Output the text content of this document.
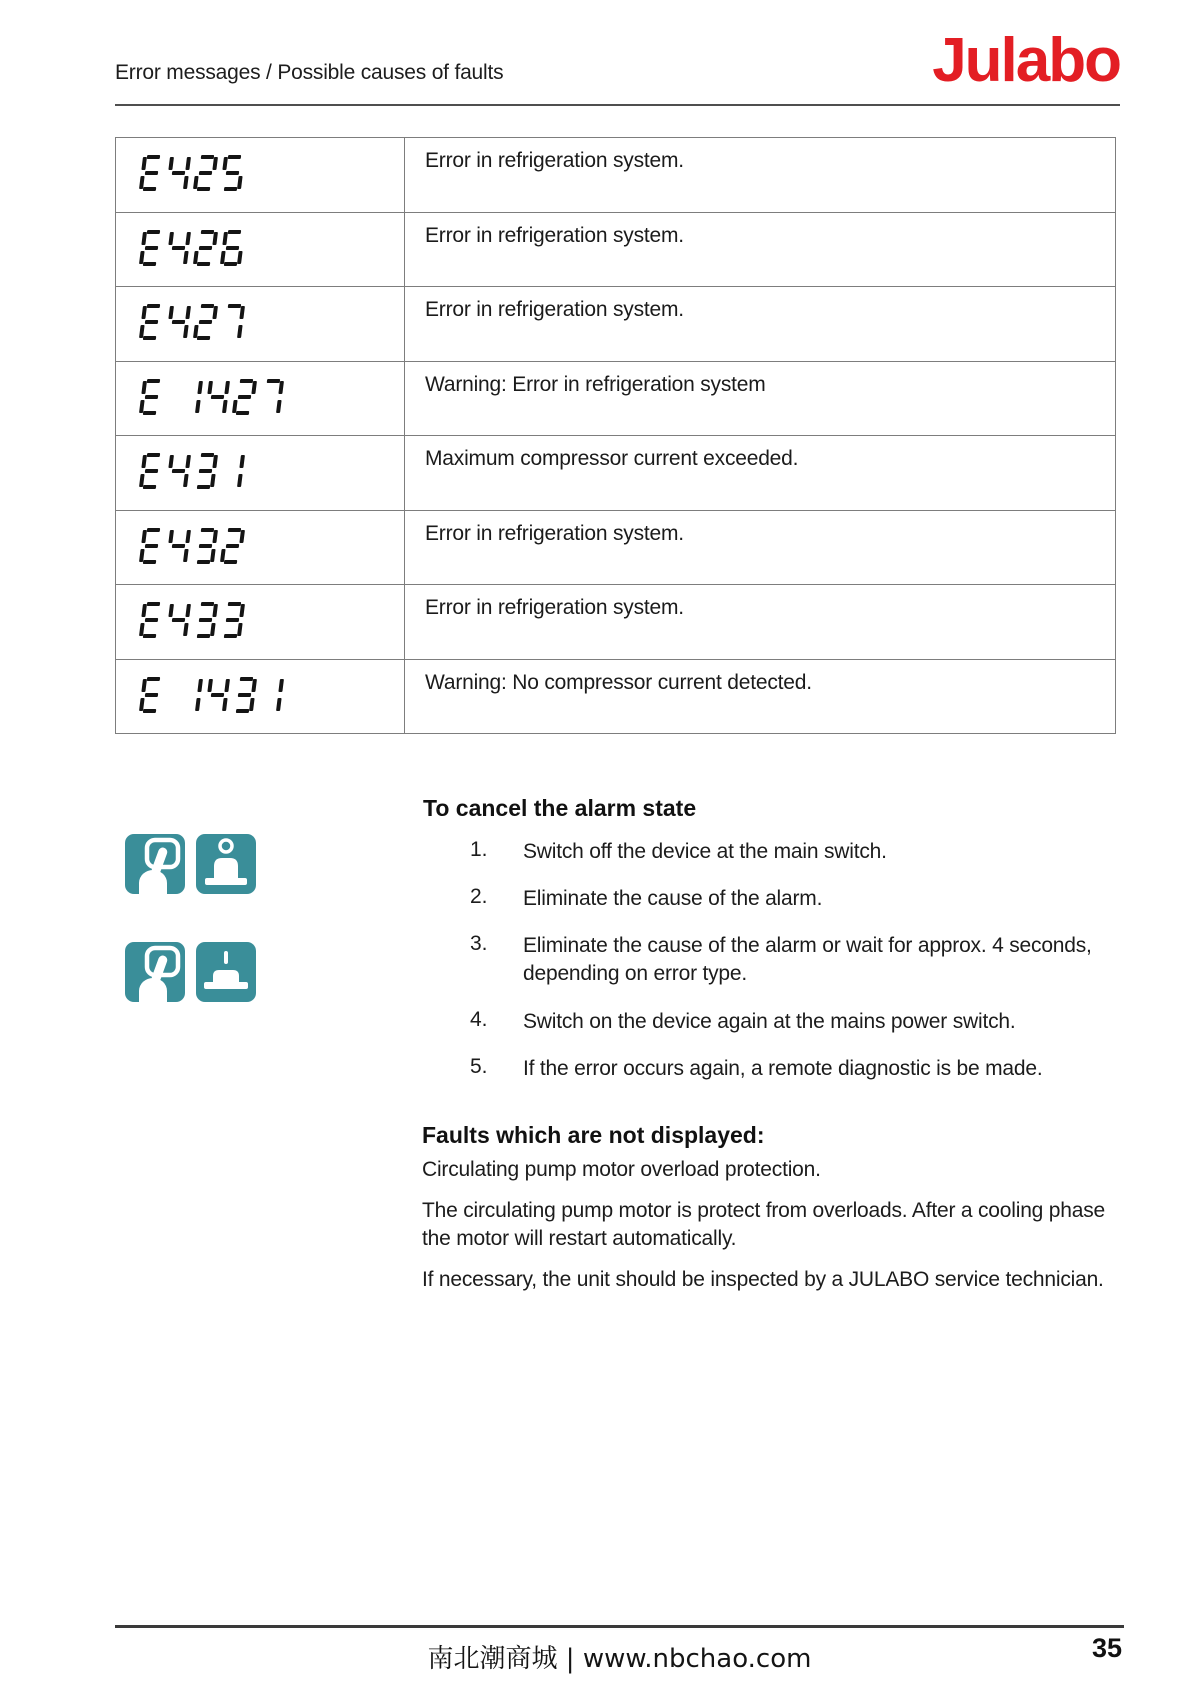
Error messages / Possible causes of faults	Julabo
Error in refrigeration system.
Error in refrigeration system.
Error in refrigeration system.
Warning: Error in refrigeration system
Maximum compressor current exceeded.
Error in refrigeration system.
Error in refrigeration system.
Warning: No compressor current detected.
To cancel the alarm state
1.	Switch off the device at the main switch.
2.	Eliminate the cause of the alarm.
3.	Eliminate the cause of the alarm or wait for approx. 4 seconds, depending on error type.
4.	Switch on the device again at the mains power switch.
5.	If the error occurs again, a remote diagnostic is be made.
Faults which are not displayed:

Circulating pump motor overload protection.

The circulating pump motor is protect from overloads. After a cooling phase the motor will restart automatically.

If necessary, the unit should be inspected by a JULABO service technician.

南北潮商城 | www.nbchao.com	35
